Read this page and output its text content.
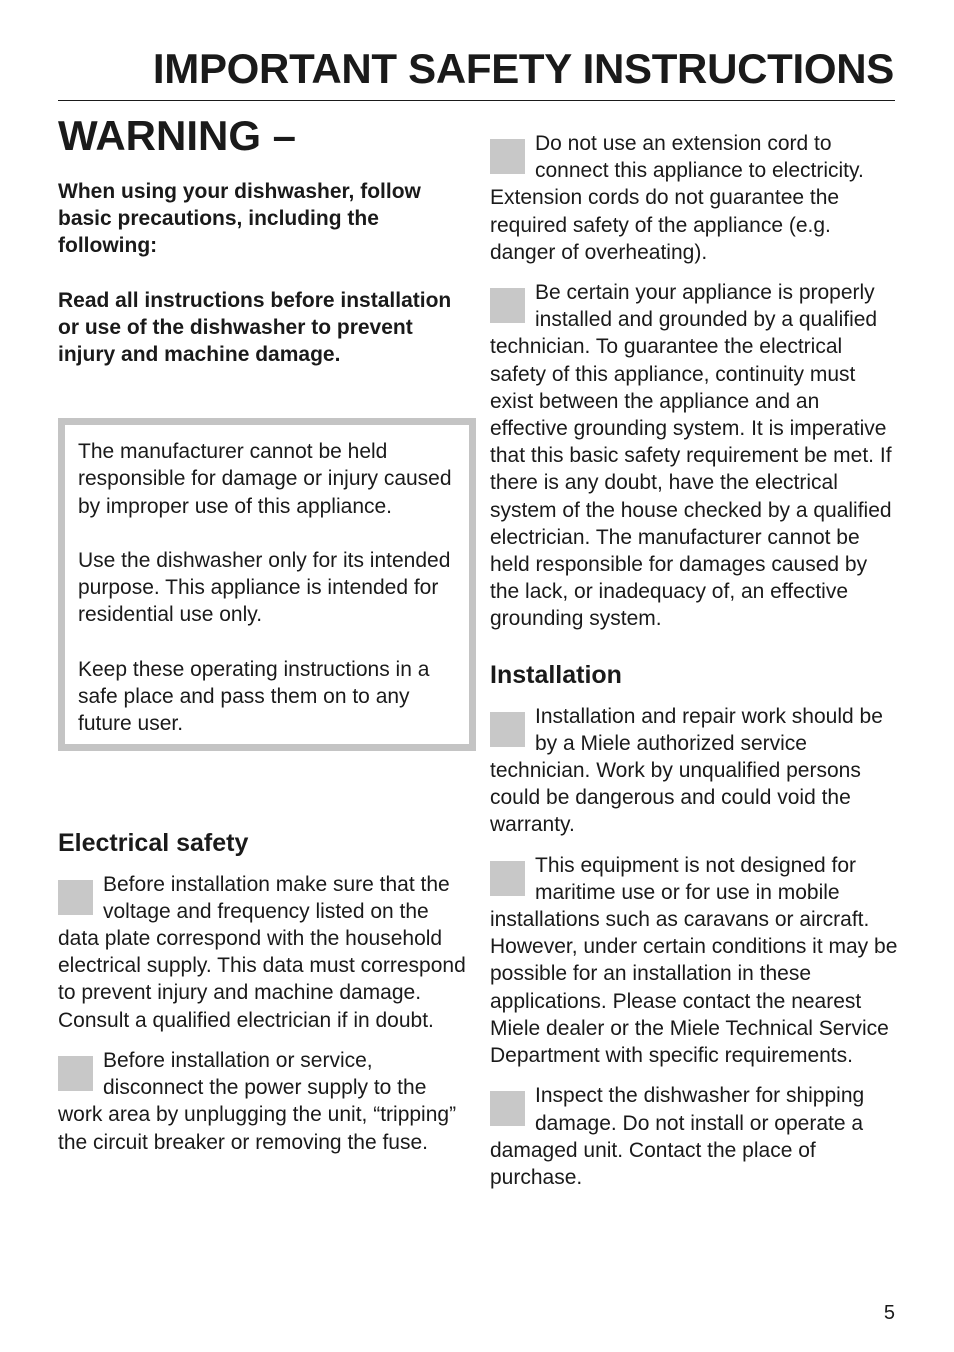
IMPORTANT SAFETY INSTRUCTIONS
WARNING –

When using your dishwasher, follow basic precautions, including the following:

Read all instructions before installation or use of the dishwasher to prevent injury and machine damage.

The manufacturer cannot be held responsible for damage or injury caused by improper use of this appliance.

Use the dishwasher only for its intended purpose. This appliance is intended for residential use only.

Keep these operating instructions in a safe place and pass them on to any future user.

Electrical safety

Before installation make sure that the voltage and frequency listed on the data plate correspond with the household electrical supply. This data must correspond to prevent injury and machine damage. Consult a qualified electrician if in doubt.

Before installation or service, disconnect the power supply to the work area by unplugging the unit, “tripping” the circuit breaker or removing the fuse.

Do not use an extension cord to connect this appliance to electricity. Extension cords do not guarantee the required safety of the appliance (e.g. danger of overheating).

Be certain your appliance is properly installed and grounded by a qualified technician. To guarantee the electrical safety of this appliance, continuity must exist between the appliance and an effective grounding system. It is imperative that this basic safety requirement be met. If there is any doubt, have the electrical system of the house checked by a qualified electrician. The manufacturer cannot be held responsible for damages caused by the lack, or inadequacy of, an effective grounding system.

Installation

Installation and repair work should be by a Miele authorized service technician. Work by unqualified persons could be dangerous and could void the warranty.

This equipment is not designed for maritime use or for use in mobile installations such as caravans or aircraft. However, under certain conditions it may be possible for an installation in these applications. Please contact the nearest Miele dealer or the Miele Technical Service Department with specific requirements.

Inspect the dishwasher for shipping damage. Do not install or operate a damaged unit. Contact the place of purchase.

5
